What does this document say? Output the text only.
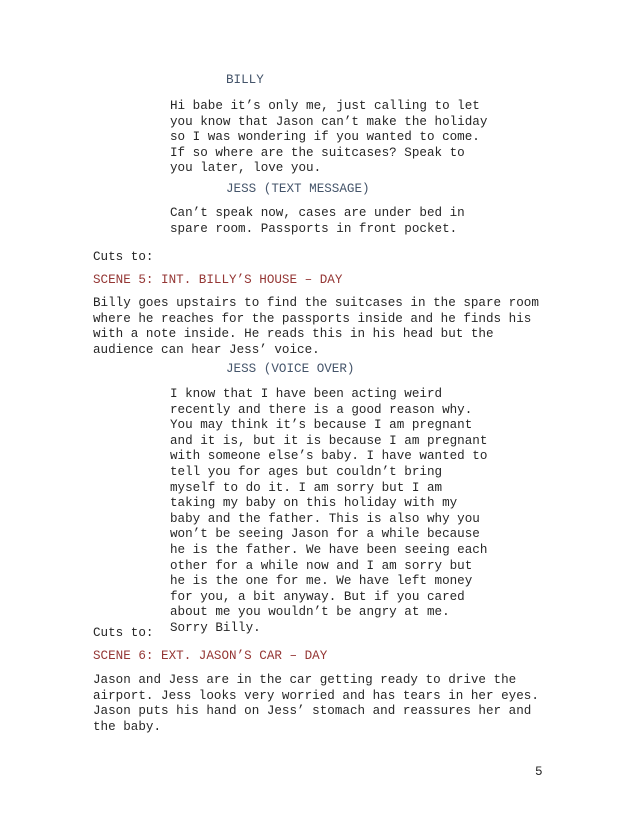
BILLY
Hi babe it’s only me, just calling to let
you know that Jason can’t make the holiday
so I was wondering if you wanted to come.
If so where are the suitcases? Speak to
you later, love you.
JESS (TEXT MESSAGE)
Can’t speak now, cases are under bed in
spare room. Passports in front pocket.
Cuts to:
SCENE 5: INT. BILLY’S HOUSE – DAY
Billy goes upstairs to find the suitcases in the spare room
where he reaches for the passports inside and he finds his
with a note inside. He reads this in his head but the
audience can hear Jess’ voice.
JESS (VOICE OVER)
I know that I have been acting weird
recently and there is a good reason why.
You may think it’s because I am pregnant
and it is, but it is because I am pregnant
with someone else’s baby. I have wanted to
tell you for ages but couldn’t bring
myself to do it. I am sorry but I am
taking my baby on this holiday with my
baby and the father. This is also why you
won’t be seeing Jason for a while because
he is the father. We have been seeing each
other for a while now and I am sorry but
he is the one for me. We have left money
for you, a bit anyway. But if you cared
about me you wouldn’t be angry at me.
Sorry Billy.
Cuts to:
SCENE 6: EXT. JASON’S CAR – DAY
Jason and Jess are in the car getting ready to drive the
airport. Jess looks very worried and has tears in her eyes.
Jason puts his hand on Jess’ stomach and reassures her and
the baby.
5
